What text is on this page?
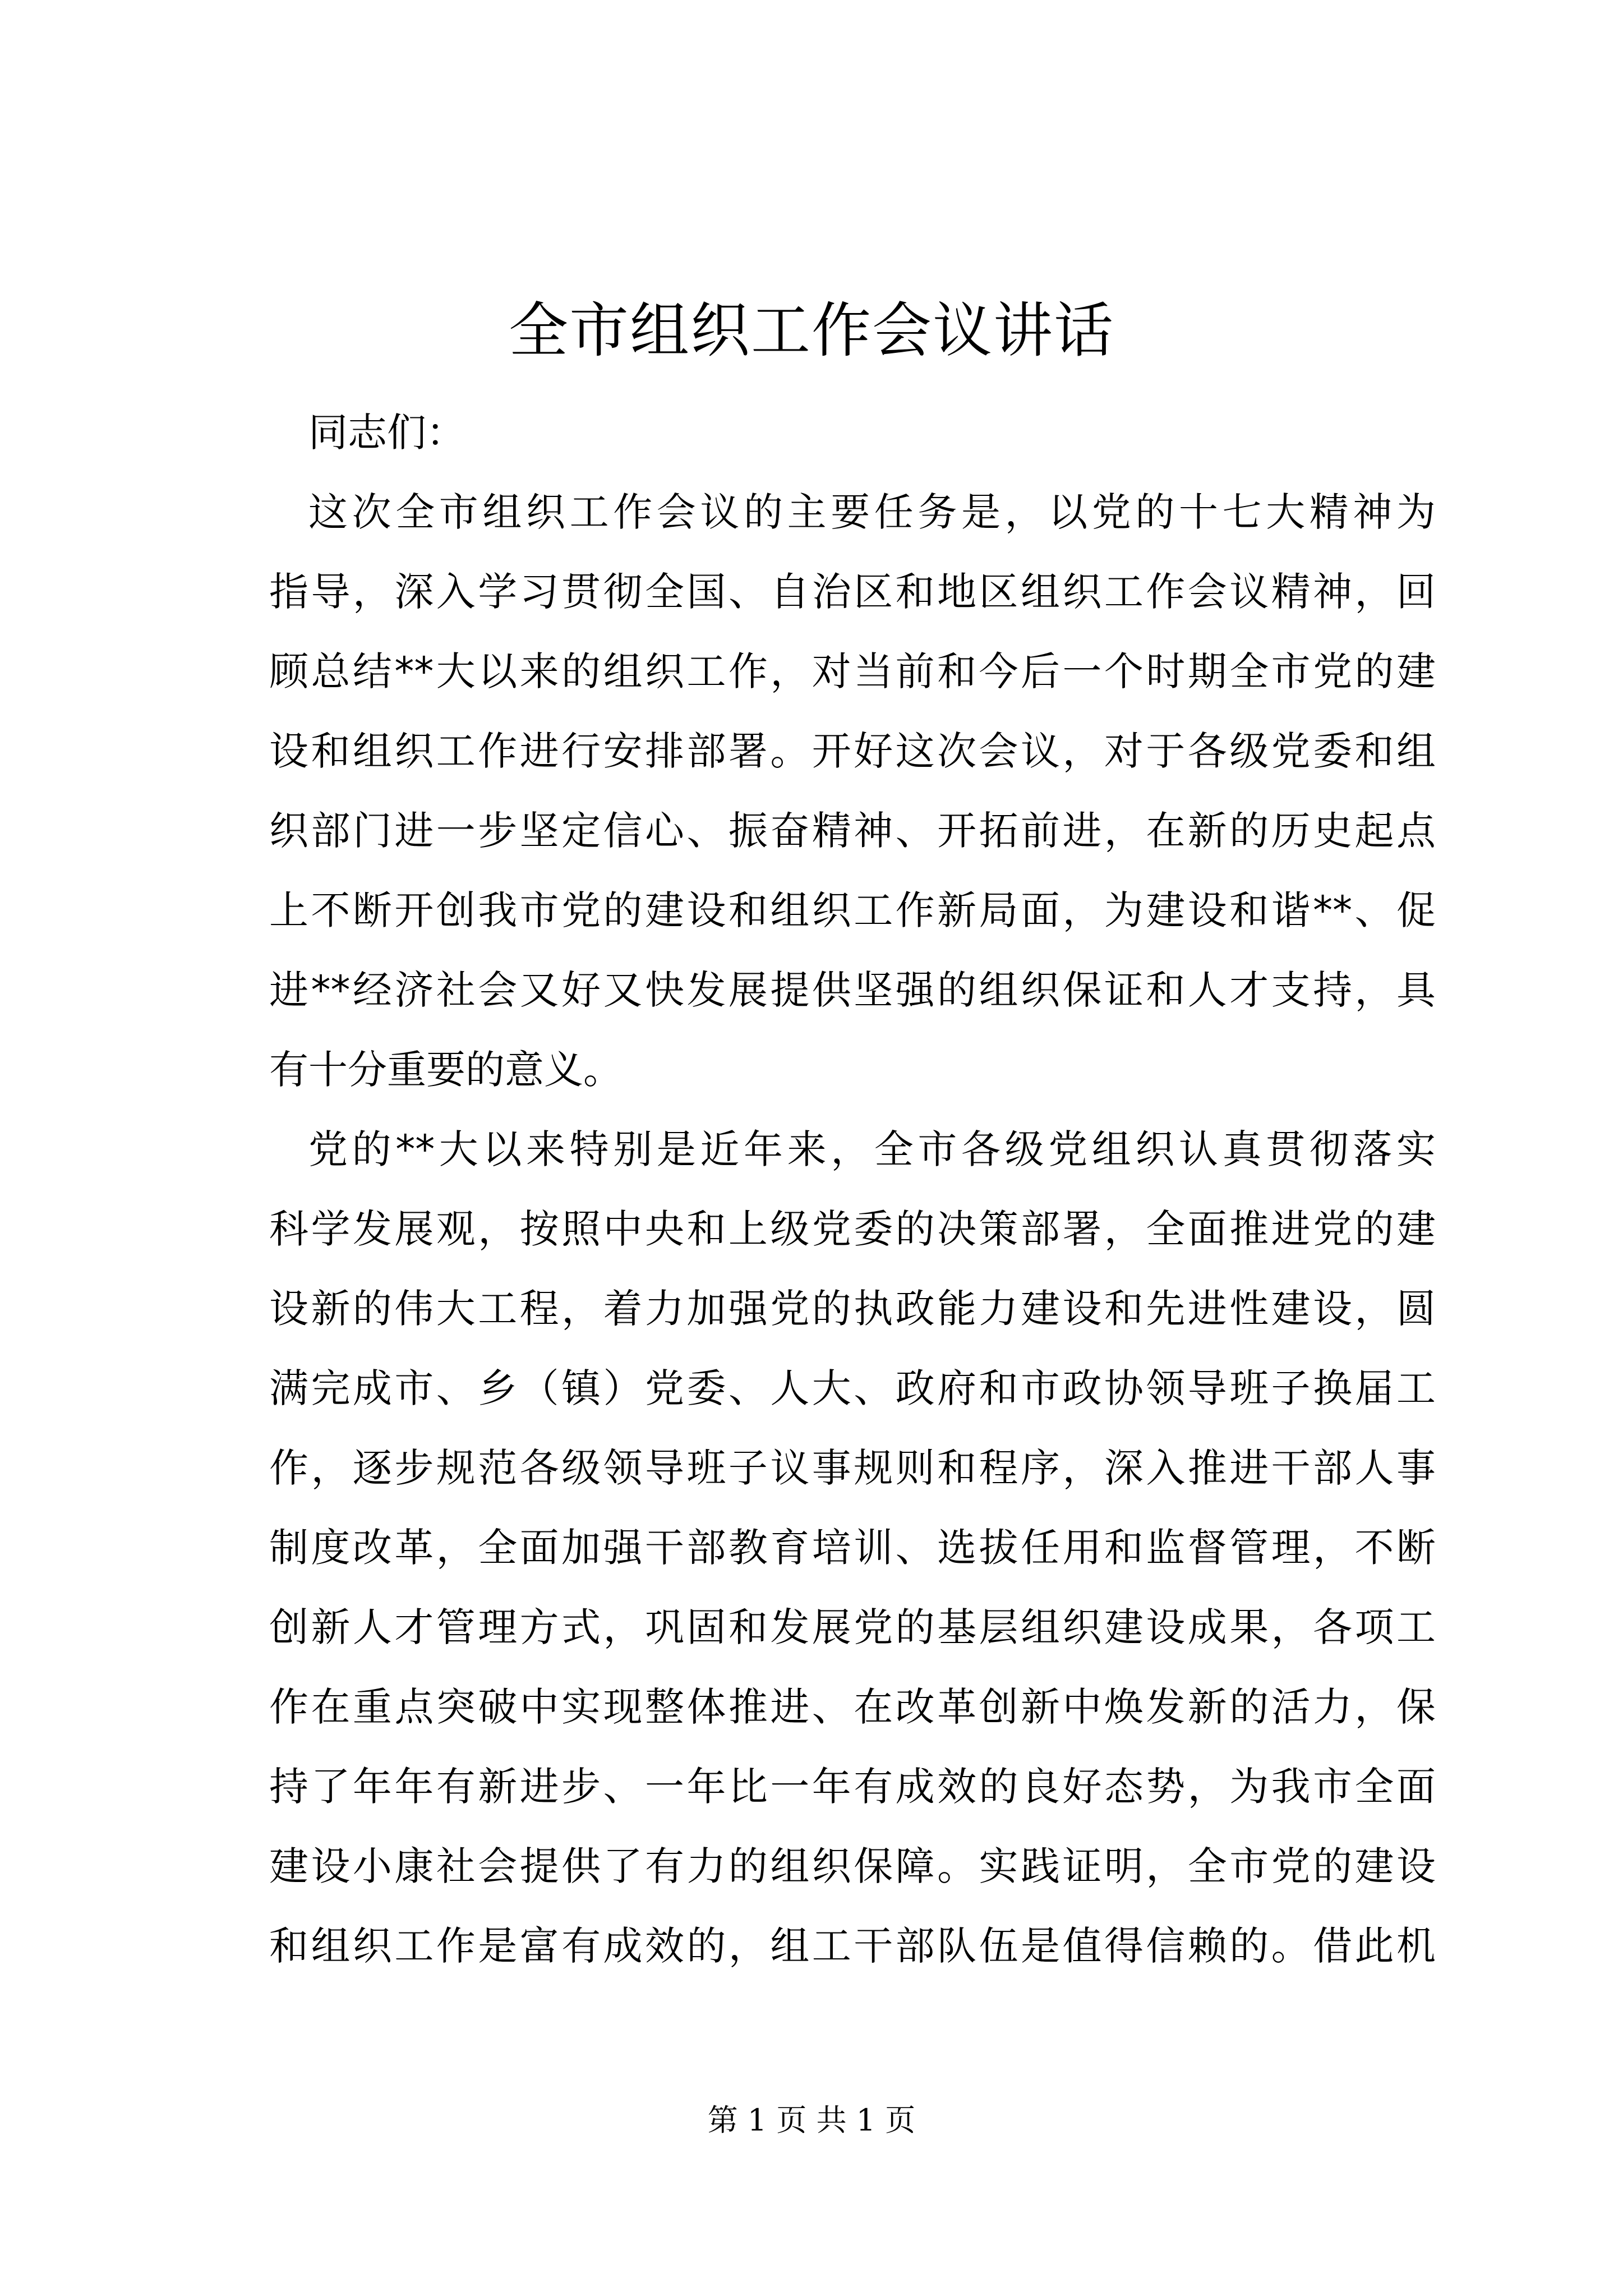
全市组织工作会议讲话
同志们：
这次全市组织工作会议的主要任务是，以党的十七大精神为
指导，深入学习贯彻全国、自治区和地区组织工作会议精神，回
顾总结**大以来的组织工作，对当前和今后一个时期全市党的建
设和组织工作进行安排部署。开好这次会议，对于各级党委和组
织部门进一步坚定信心、振奋精神、开拓前进，在新的历史起点
上不断开创我市党的建设和组织工作新局面，为建设和谐**、促
进**经济社会又好又快发展提供坚强的组织保证和人才支持，具
有十分重要的意义。
党的**大以来特别是近年来，全市各级党组织认真贯彻落实
科学发展观，按照中央和上级党委的决策部署，全面推进党的建
设新的伟大工程，着力加强党的执政能力建设和先进性建设，圆
满完成市、乡（镇）党委、人大、政府和市政协领导班子换届工
作，逐步规范各级领导班子议事规则和程序，深入推进干部人事
制度改革，全面加强干部教育培训、选拔任用和监督管理，不断
创新人才管理方式，巩固和发展党的基层组织建设成果，各项工
作在重点突破中实现整体推进、在改革创新中焕发新的活力，保
持了年年有新进步、一年比一年有成效的良好态势，为我市全面
建设小康社会提供了有力的组织保障。实践证明，全市党的建设
和组织工作是富有成效的，组工干部队伍是值得信赖的。借此机
第 1 页 共 1 页
